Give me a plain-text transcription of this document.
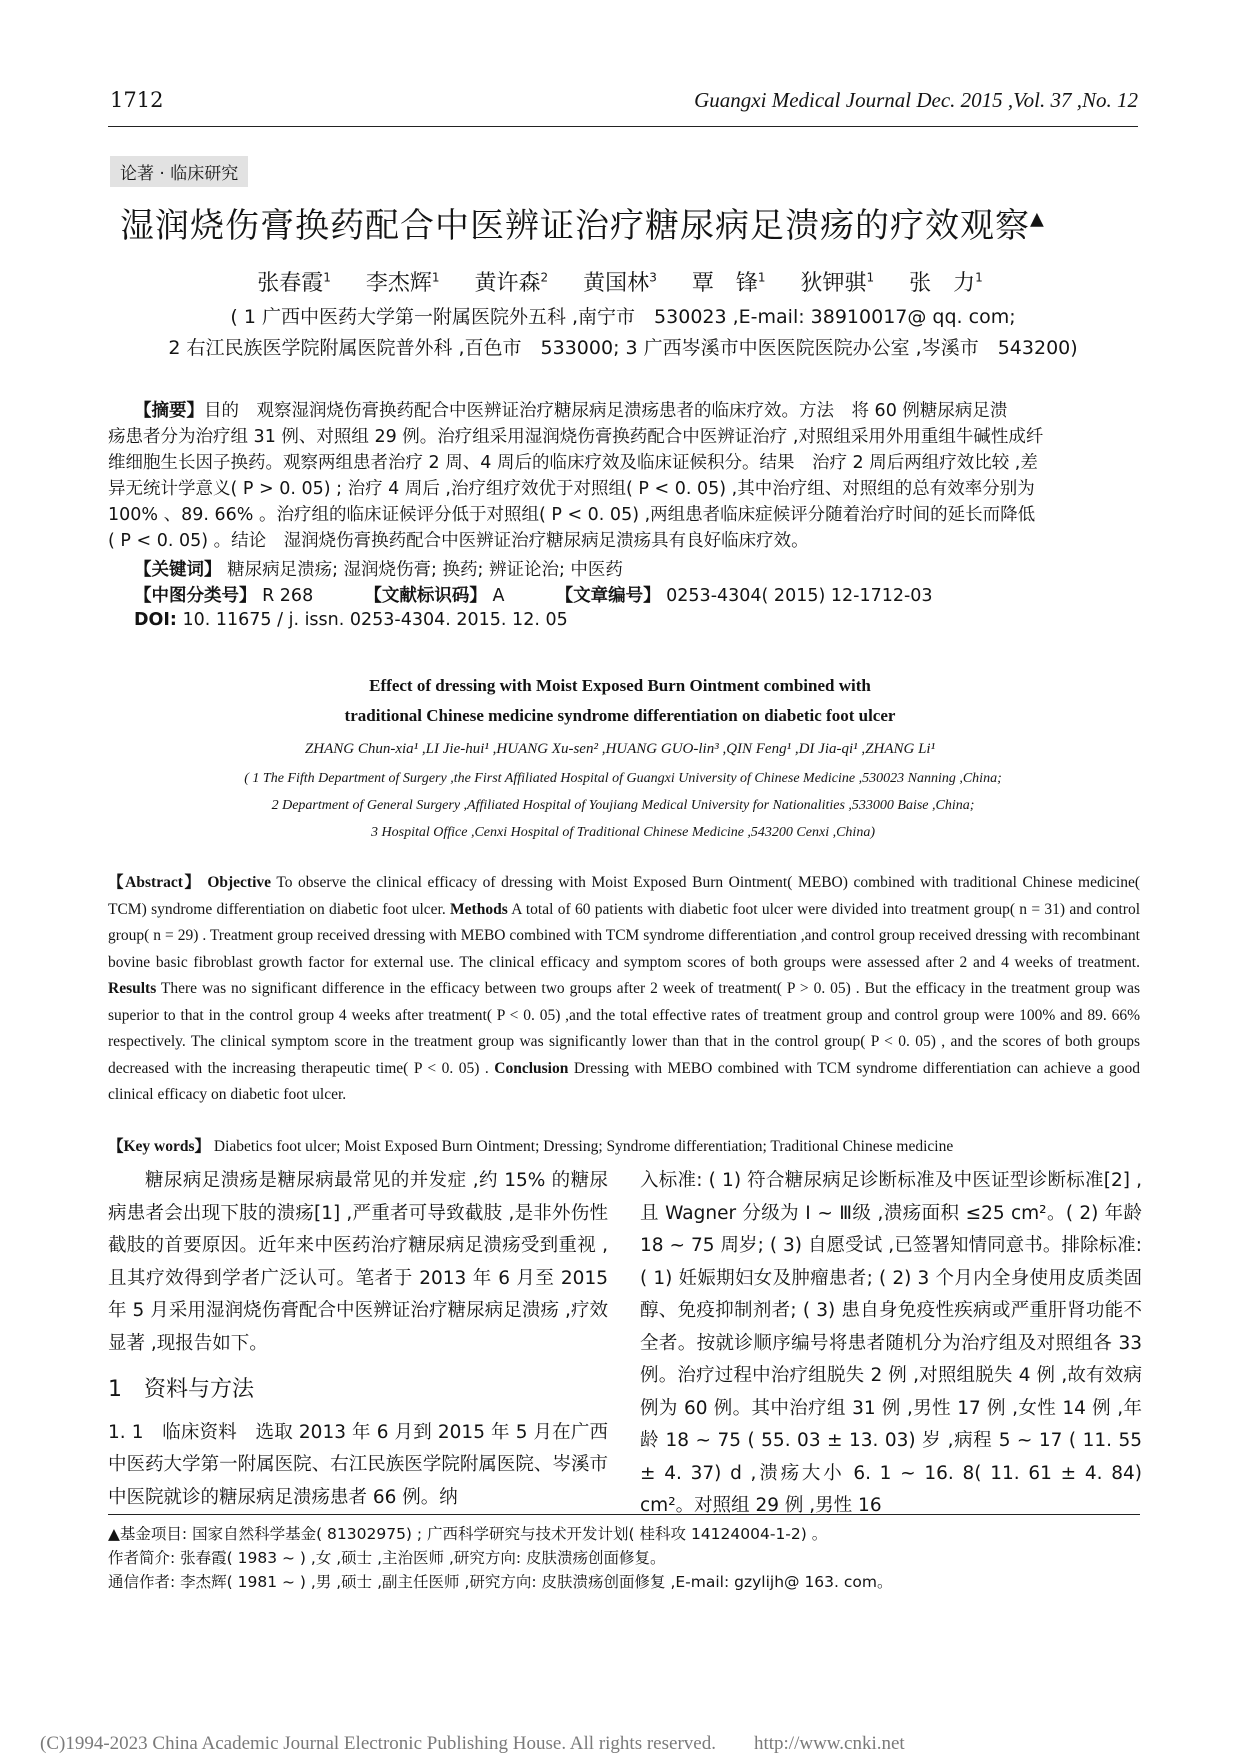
1712	Guangxi Medical Journal Dec. 2015 ,Vol. 37 ,No. 12
论著 · 临床研究
湿润烧伤膏换药配合中医辨证治疗糖尿病足溃疡的疗效观察▲
张春霞$^1$ 李杰辉$^1$ 黄许森$^2$ 黄国林$^3$ 覃　锋$^1$ 狄钾骐$^1$ 张　力$^1$
( 1 广西中医药大学第一附属医院外五科 ,南宁市　530023 ,E-mail: 38910017@ qq. com;
2 右江民族医学院附属医院普外科 ,百色市　533000; 3 广西岑溪市中医医院医院办公室 ,岑溪市　543200)
【摘要】目的　观察湿润烧伤膏换药配合中医辨证治疗糖尿病足溃疡患者的临床疗效。方法　将 60 例糖尿病足溃
疡患者分为治疗组 31 例、对照组 29 例。治疗组采用湿润烧伤膏换药配合中医辨证治疗 ,对照组采用外用重组牛碱性成纤
维细胞生长因子换药。观察两组患者治疗 2 周、4 周后的临床疗效及临床证候积分。结果　治疗 2 周后两组疗效比较 ,差
异无统计学意义( P > 0. 05) ; 治疗 4 周后 ,治疗组疗效优于对照组( P < 0. 05) ,其中治疗组、对照组的总有效率分别为
100% 、89. 66% 。治疗组的临床证候评分低于对照组( P < 0. 05) ,两组患者临床症候评分随着治疗时间的延长而降低
( P < 0. 05) 。结论　湿润烧伤膏换药配合中医辨证治疗糖尿病足溃疡具有良好临床疗效。
【关键词】 糖尿病足溃疡; 湿润烧伤膏; 换药; 辨证论治; 中医药
【中图分类号】 R 268	【文献标识码】 A	【文章编号】 0253-4304( 2015) 12-1712-03
DOI: 10. 11675 / j. issn. 0253-4304. 2015. 12. 05
Effect of dressing with Moist Exposed Burn Ointment combined with
traditional Chinese medicine syndrome differentiation on diabetic foot ulcer
ZHANG Chun-xia¹ ,LI Jie-hui¹ ,HUANG Xu-sen² ,HUANG GUO-lin³ ,QIN Feng¹ ,DI Jia-qi¹ ,ZHANG Li¹
( 1 The Fifth Department of Surgery ,the First Affiliated Hospital of Guangxi University of Chinese Medicine ,530023 Nanning ,China;
2 Department of General Surgery ,Affiliated Hospital of Youjiang Medical University for Nationalities ,533000 Baise ,China;
3 Hospital Office ,Cenxi Hospital of Traditional Chinese Medicine ,543200 Cenxi ,China)
【Abstract】 Objective To observe the clinical efficacy of dressing with Moist Exposed Burn Ointment( MEBO) combined with traditional Chinese medicine( TCM) syndrome differentiation on diabetic foot ulcer. Methods A total of 60 patients with diabetic foot ulcer were divided into treatment group( n = 31) and control group( n = 29) . Treatment group received dressing with MEBO combined with TCM syndrome differentiation ,and control group received dressing with recombinant bovine basic fibroblast growth factor for external use. The clinical efficacy and symptom scores of both groups were assessed after 2 and 4 weeks of treatment. Results There was no significant difference in the efficacy between two groups after 2 week of treatment( P > 0. 05) . But the efficacy in the treatment group was superior to that in the control group 4 weeks after treatment( P < 0. 05) ,and the total effective rates of treatment group and control group were 100% and 89. 66% respectively. The clinical symptom score in the treatment group was significantly lower than that in the control group( P < 0. 05) , and the scores of both groups decreased with the increasing therapeutic time( P < 0. 05) . Conclusion Dressing with MEBO combined with TCM syndrome differentiation can achieve a good clinical efficacy on diabetic foot ulcer.
【Key words】 Diabetics foot ulcer; Moist Exposed Burn Ointment; Dressing; Syndrome differentiation; Traditional Chinese medicine

糖尿病足溃疡是糖尿病最常见的并发症 ,约 15% 的糖尿病患者会出现下肢的溃疡[1] ,严重者可导致截肢 ,是非外伤性截肢的首要原因。近年来中医药治疗糖尿病足溃疡受到重视 ,且其疗效得到学者广泛认可。笔者于 2013 年 6 月至 2015 年 5 月采用湿润烧伤膏配合中医辨证治疗糖尿病足溃疡 ,疗效显著 ,现报告如下。

1　资料与方法

1. 1　临床资料　选取 2013 年 6 月到 2015 年 5 月在广西中医药大学第一附属医院、右江民族医学院附属医院、岑溪市中医院就诊的糖尿病足溃疡患者 66 例。纳

入标准: ( 1) 符合糖尿病足诊断标准及中医证型诊断标准[2] ,且 Wagner 分级为 Ⅰ ~ Ⅲ级 ,溃疡面积 ≤25 cm²。( 2) 年龄 18 ~ 75 周岁; ( 3) 自愿受试 ,已签署知情同意书。排除标准: ( 1) 妊娠期妇女及肿瘤患者; ( 2) 3 个月内全身使用皮质类固醇、免疫抑制剂者; ( 3) 患自身免疫性疾病或严重肝肾功能不全者。按就诊顺序编号将患者随机分为治疗组及对照组各 33 例。治疗过程中治疗组脱失 2 例 ,对照组脱失 4 例 ,故有效病例为 60 例。其中治疗组 31 例 ,男性 17 例 ,女性 14 例 ,年龄 18 ~ 75 ( 55. 03 ± 13. 03) 岁 ,病程 5 ~ 17 ( 11. 55 ± 4. 37) d ,溃疡大小 6. 1 ~ 16. 8( 11. 61 ± 4. 84) cm²。对照组 29 例 ,男性 16

▲基金项目: 国家自然科学基金( 81302975) ; 广西科学研究与技术开发计划( 桂科攻 14124004-1-2) 。
作者简介: 张春霞( 1983 ~ ) ,女 ,硕士 ,主治医师 ,研究方向: 皮肤溃疡创面修复。
通信作者: 李杰辉( 1981 ~ ) ,男 ,硕士 ,副主任医师 ,研究方向: 皮肤溃疡创面修复 ,E-mail: gzylijh@ 163. com。
(C)1994-2023 China Academic Journal Electronic Publishing House. All rights reserved.　　http://www.cnki.net
